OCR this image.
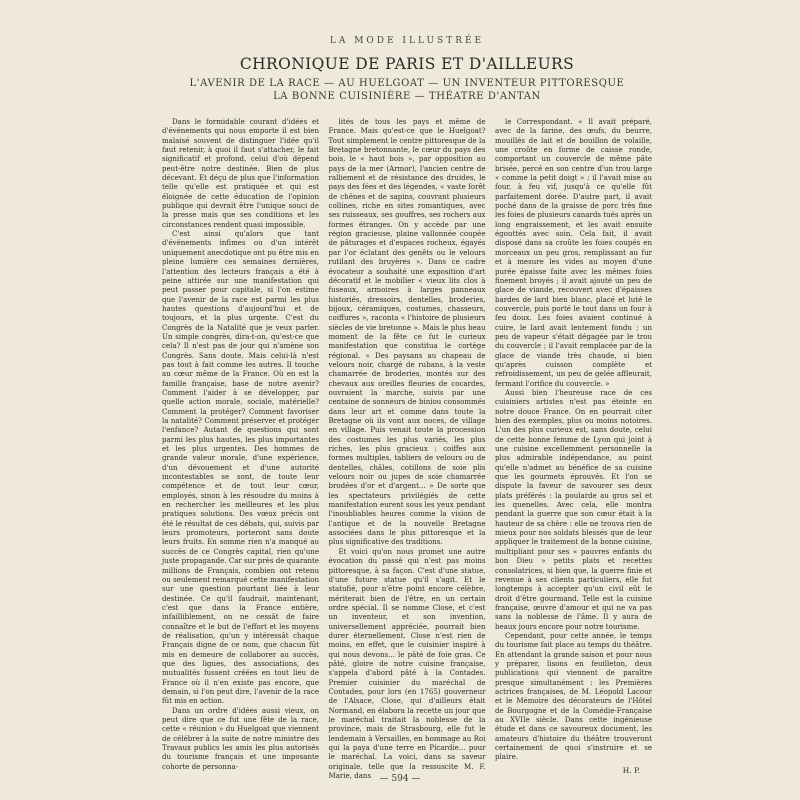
LA MODE ILLUSTRÉE
CHRONIQUE DE PARIS ET D'AILLEURS
L'AVENIR DE LA RACE — AU HUELGOAT — UN INVENTEUR PITTORESQUE
LA BONNE CUISINIÈRE — THÉATRE D'ANTAN

Dans le formidable courant d'idées et d'événements qui nous emporte il est bien malaisé souvent de distinguer l'idée qu'il faut retenir, à quoi il faut s'attacher, le fait significatif et profond, celui d'où dépend peut-être notre destinée. Bien de plus décevant. Et déçu de plus que l'information telle qu'elle est pratiquée et qui est éloignée de cette éducation de l'opinion publique qui devrait être l'unique souci de la presse mais que ses conditions et les circonstances rendent quasi impossible.

C'est ainsi qu'alors que tant d'événements infimes ou d'un intérêt uniquement anecdotique ont pu être mis en pleine lumière ces semaines dernières, l'attention des lecteurs français a été à peine attirée sur une manifestation qui peut passer pour capitale, si l'on estime que l'avenir de la race est parmi les plus hautes questions d'aujourd'hui et de toujours, et la plus urgente. C'est du Congrès de la Natalité que je veux parler. Un simple congrès, dira-t-on, qu'est-ce que cela? Il n'est pas de jour qui n'amène son Congrès. Sans doute. Mais celui-là n'est pas tout à fait comme les autres. Il touche au cœur même de la France. Où en est la famille française, base de notre avenir? Comment l'aider à se développer, par quelle action morale, sociale, matérielle? Comment la protéger? Comment favoriser la natalité? Comment préserver et protéger l'enfance? Autant de questions qui sont parmi les plus hautes, les plus importantes et les plus urgentes. Des hommes de grande valeur morale, d'une expérience, d'un dévouement et d'une autorité incontestables se sont, de toute leur compétence et de tout leur cœur, employés, sinon à les résoudre du moins à en rechercher les meilleures et les plus pratiques solutions. Des vœux précis ont été le résultat de ces débats, qui, suivis par leurs promoteurs, porteront sans doute leurs fruits. En somme rien n'a manqué au succès de ce Congrès capital, rien qu'une juste propagande. Car sur près de quarante millions de Français, combien ont retenu ou seulement remarqué cette manifestation sur une question pourtant liée à leur destinée. Ce qu'il faudrait, maintenant, c'est que dans la France entière, infailliblement, on ne cessât de faire connaître et le but de l'effort et les moyens de réalisation, qu'un y intéressât chaque Français digne de ce nom, que chacun fût mis en demeure de collaborer au succès, que des ligues, des associations, des mutualités fussent créées en tout lieu de France où il n'en existe pas encore, que demain, si l'on peut dire, l'avenir de la race fût mis en action.

Dans un ordre d'idées aussi vieux, on peut dire que ce fut une fête de la race, cette « réunion » du Huelgoat que viennent de célébrer à la suite de notre ministre des Travaux publics les amis les plus autorisés du tourisme français et une imposante cohorte de personna-

lités de tous les pays et même de France. Mais qu'est-ce que le Huelgoat? Tout simplement le centre pittoresque de la Bretagne bretonnante, le cœur du pays des bois, le « haut bois », par opposition au pays de la mer (Armor), l'ancien centre de ralliement et de résistance des druides, le pays des fées et des légendes, « vaste forêt de chênes et de sapins, couvrant plusieurs collines, riche en sites romantiques, avec ses ruisseaux, ses gouffres, ses rochers aux formes étranges. On y accède par une région gracieuse, plaine vallonnée coupée de pâturages et d'espaces rocheux, égayés par l'or éclatant des genêts ou le velours rutilant des bruyères ». Dans ce cadre évocateur a souhaité une exposition d'art décoratif et le mobilier « vieux lits clos à fuseaux, armoires à larges panneaux historiés, dressoirs, dentelles, broderies, bijoux, céramiques, costumes, chasseurs, coiffures », raconta « l'histoire de plusieurs siècles de vie bretonne ». Mais le plus beau moment de la fête ce fut le curieux manifestation que constitua le cortège régional. « Des paysans au chapeau de velours noir, chargé de rubans, à la veste chamarrée de broderies, montés sur des chevaux aux oreilles fleuries de cocardes, ouvraient la marche, suivis par une centaine de sonneurs de biniou consommés dans leur art et comme dans toute la Bretagne où ils vont aux noces, de village en village. Puis venait toute la procession des costumes les plus variés, les plus riches, les plus gracieux : coiffes aux formes multiples, tabliers de velours ou de dentelles, châles, cotillons de soie plis velours noir ou jupes de soie chamarrée brodées d'or et d'argent... » De sorte que les spectateurs privilégiés de cette manifestation eurent sous les yeux pendant l'inoubliables heures comme la vision de l'antique et de la nouvelle Bretagne associées dans le plus pittoresque et la plus significative des traditions.

Et voici qu'on nous promet une autre évocation du passé qui n'est pas moins pittoresque, à sa façon. C'est d'une statue, d'une future statue qu'il s'agit. Et le statufié, pour n'être point encore célèbre, mériterait bien de l'être, en un certain ordre spécial. Il se nomme Close, et c'est un inventeur, et son invention, universellement appréciée, pourrait bien durer éternellement. Close n'est rien de moins, en effet, que le cuisinier inspiré à qui nous devons... le pâté de foie gras. Ce pâté, gloire de notre cuisine française, s'appela d'abord pâté à la Contades. Premier cuisinier du maréchal de Contades, pour lors (en 1765) gouverneur de l'Alsace, Close, qui d'ailleurs était Normand, en élabora la recette un jour que le maréchal traitait la noblesse de la province, mais de Strasbourg, elle fut le lendemain à Versailles, en hommage au Roi qui la paya d'une terre en Picardie... pour le maréchal. La voici, dans sa saveur originale, telle que la ressuscite M. F. Marie, dans

le Correspondant. « Il avait préparé, avec de la farine, des œufs, du beurre, mouillés de lait et de bouillon de volaille, une croûte en forme de caisse ronde, comportant un couvercle de même pâte brisée, percé en son centre d'un trou large « comme la petit doigt » : il l'avait mise au four, à feu vif, jusqu'à ce qu'elle fût parfaitement dorée. D'autre part, il avait poché dans de la graisse de porc très fine les foies de plusieurs canards tués après un long engraissement, et les avait ensuite égouttés avec soin. Cela fait, il avait disposé dans sa croûte les foies coupés en morceaux un peu gros, remplissant au fur et à mesure les vides au moyen d'une purée épaisse faite avec les mêmes foies finement broyés ; il avait ajouté un peu de glace de viande, recouvert avec d'épaisses bardes de lard bien blanc, placé et luté le couvercle, puis porté le tout dans un four à feu doux. Les foies avaient continué à cuire, le lard avait lentement fondu ; un peu de vapeur s'était dégagée par le trou du couvercle ; il l'avait remplacée par de la glace de viande très chaude, si bien qu'après cuisson complète et refroidissement, un peu de gelée affleurait, fermant l'orifice du couvercle. »

Aussi bien l'heureuse race de ces cuisiniers artistes n'est pas éteinte en notre douce France. On en pourrait citer bien des exemples, plus ou moins notoires. L'un des plus curieux est, sans doute, celui de cette bonne femme de Lyon qui joint à une cuisine excellemment personnelle la plus admirable indépendance, au point qu'elle n'admet au bénéfice de sa cuisine que les gourmets éprouvés. Et l'on se dispute la faveur de savourer ses deux plats préférés : la poularde au gros sel et les quenelles. Avec cela, elle montra pendant la guerre que son cœur était à la hauteur de sa chère : elle ne trouva rien de mieux pour nos soldats blessés que de leur appliquer le traitement de la bonne cuisine, multipliant pour ses « pauvres enfants du bon Dieu » petits plats et recettes consolatrices, si bien que, la guerre finie et revenue à ses clients particuliers, elle fut longtemps à accepter qu'un civil eût le droit d'être gourmand. Telle est la cuisine française, œuvre d'amour et qui ne va pas sans la noblesse de l'âme. Il y aura de beaux jours encore pour notre tourisme.

Cependant, pour cette année, le temps du tourisme fait place au temps du théâtre. En attendant la grande saison et pour nous y préparer, lisons en feuilleton, deux publications qui viennent de paraître presque simultanément : les Premières actrices françaises, de M. Léopold Lacour et le Mémoire des décorateurs de l'Hôtel de Bourgogne et de la Comédie-Française au XVIIe siècle. Dans cette ingénieuse étude et dans ce savoureux document, les amateurs d'histoire du théâtre trouveront certainement de quoi s'instruire et se plaire.

H. P.
— 594 —
